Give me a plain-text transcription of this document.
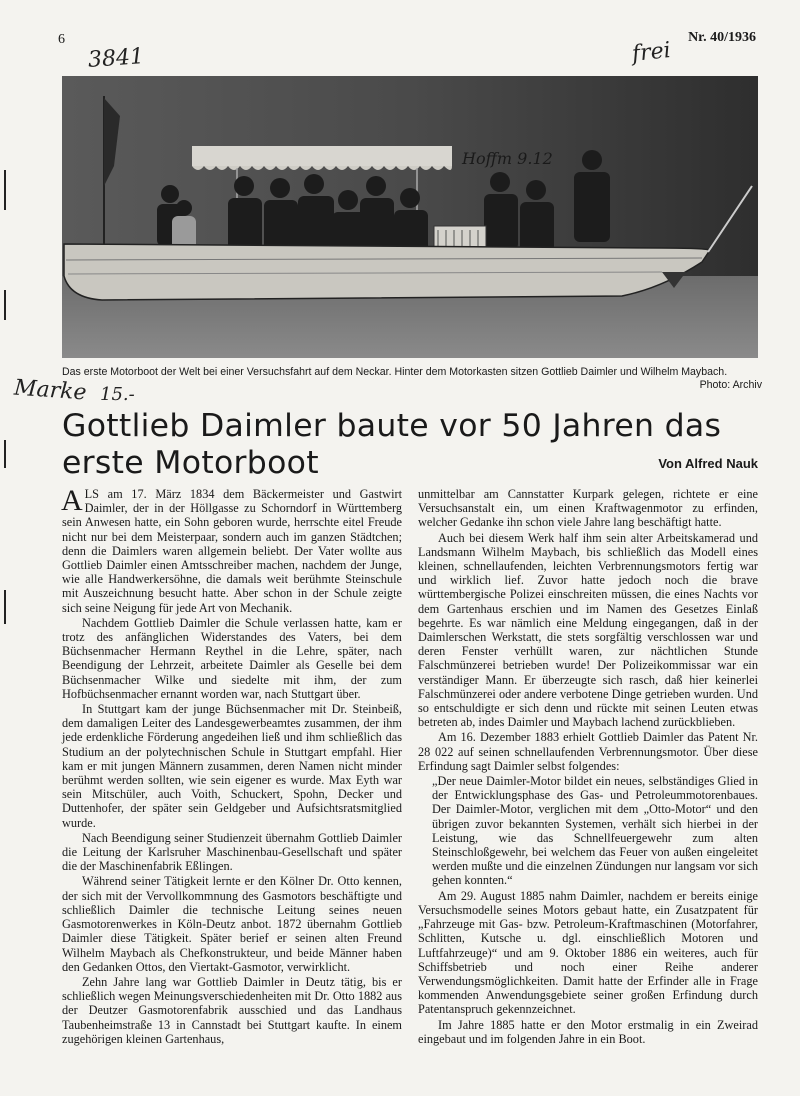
6	Nr. 40/1936
3841	frei
Marke 15.-
Hoffm 9.12
Das erste Motorboot der Welt bei einer Versuchsfahrt auf dem Neckar. Hinter dem Motorkasten sitzen Gottlieb Daimler und Wilhelm Maybach.
Photo: Archiv
Gottlieb Daimler baute vor 50 Jahren das erste Motorboot	Von Alfred Nauk

ALS am 17. März 1834 dem Bäckermeister und Gastwirt Daimler, der in der Höllgasse zu Schorndorf in Württemberg sein Anwesen hatte, ein Sohn geboren wurde, herrschte eitel Freude nicht nur bei dem Meisterpaar, sondern auch im ganzen Städtchen; denn die Daimlers waren allgemein beliebt. Der Vater wollte aus Gottlieb Daimler einen Amtsschreiber machen, nachdem der Junge, wie alle Handwerkersöhne, die damals weit berühmte Steinschule mit Auszeichnung besucht hatte. Aber schon in der Schule zeigte sich seine Neigung für jede Art von Mechanik.

Nachdem Gottlieb Daimler die Schule verlassen hatte, kam er trotz des anfänglichen Widerstandes des Vaters, bei dem Büchsenmacher Hermann Reythel in die Lehre, später, nach Beendigung der Lehrzeit, arbeitete Daimler als Geselle bei dem Büchsenmacher Wilke und siedelte mit ihm, der zum Hofbüchsenmacher ernannt worden war, nach Stuttgart über.

In Stuttgart kam der junge Büchsenmacher mit Dr. Steinbeiß, dem damaligen Leiter des Landesgewerbeamtes zusammen, der ihm jede erdenkliche Förderung angedeihen ließ und ihm schließlich das Studium an der polytechnischen Schule in Stuttgart empfahl. Hier kam er mit jungen Männern zusammen, deren Namen nicht minder berühmt werden sollten, wie sein eigener es wurde. Max Eyth war sein Mitschüler, auch Voith, Schuckert, Spohn, Decker und Duttenhofer, der später sein Geldgeber und Aufsichtsratsmitglied wurde.

Nach Beendigung seiner Studienzeit übernahm Gottlieb Daimler die Leitung der Karlsruher Maschinenbau-Gesellschaft und später die der Maschinenfabrik Eßlingen.

Während seiner Tätigkeit lernte er den Kölner Dr. Otto kennen, der sich mit der Vervollkommnung des Gasmotors beschäftigte und schließlich Daimler die technische Leitung seines neuen Gasmotorenwerkes in Köln-Deutz anbot. 1872 übernahm Gottlieb Daimler diese Tätigkeit. Später berief er seinen alten Freund Wilhelm Maybach als Chefkonstrukteur, und beide Männer haben den Gedanken Ottos, den Viertakt-Gasmotor, verwirklicht.

Zehn Jahre lang war Gottlieb Daimler in Deutz tätig, bis er schließlich wegen Meinungsverschiedenheiten mit Dr. Otto 1882 aus der Deutzer Gasmotorenfabrik ausschied und das Landhaus Taubenheimstraße 13 in Cannstadt bei Stuttgart kaufte. In einem zugehörigen kleinen Gartenhaus,

unmittelbar am Cannstatter Kurpark gelegen, richtete er eine Versuchsanstalt ein, um einen Kraftwagenmotor zu erfinden, welcher Gedanke ihn schon viele Jahre lang beschäftigt hatte.

Auch bei diesem Werk half ihm sein alter Arbeitskamerad und Landsmann Wilhelm Maybach, bis schließlich das Modell eines kleinen, schnellaufenden, leichten Verbrennungsmotors fertig war und wirklich lief. Zuvor hatte jedoch noch die brave württembergische Polizei einschreiten müssen, die eines Nachts vor dem Gartenhaus erschien und im Namen des Gesetzes Einlaß begehrte. Es war nämlich eine Meldung eingegangen, daß in der Daimlerschen Werkstatt, die stets sorgfältig verschlossen war und deren Fenster verhüllt waren, zur nächtlichen Stunde Falschmünzerei betrieben wurde! Der Polizeikommissar war ein verständiger Mann. Er überzeugte sich rasch, daß hier keinerlei Falschmünzerei oder andere verbotene Dinge getrieben wurden. Und so entschuldigte er sich denn und rückte mit seinen Leuten etwas betreten ab, indes Daimler und Maybach lachend zurückblieben.

Am 16. Dezember 1883 erhielt Gottlieb Daimler das Patent Nr. 28 022 auf seinen schnellaufenden Verbrennungsmotor. Über diese Erfindung sagt Daimler selbst folgendes:

„Der neue Daimler-Motor bildet ein neues, selbständiges Glied in der Entwicklungsphase des Gas- und Petroleummotorenbaues. Der Daimler-Motor, verglichen mit dem „Otto-Motor“ und den übrigen zuvor bekannten Systemen, verhält sich hierbei in der Leistung, wie das Schnellfeuergewehr zum alten Steinschloßgewehr, bei welchem das Feuer von außen eingeleitet werden mußte und die einzelnen Zündungen nur langsam vor sich gehen konnten.“

Am 29. August 1885 nahm Daimler, nachdem er bereits einige Versuchsmodelle seines Motors gebaut hatte, ein Zusatzpatent für „Fahrzeuge mit Gas- bzw. Petroleum-Kraftmaschinen (Motorfahrer, Schlitten, Kutsche u. dgl. einschließlich Motoren und Luftfahrzeuge)“ und am 9. Oktober 1886 ein weiteres, auch für Schiffsbetrieb und noch einer Reihe anderer Verwendungsmöglichkeiten. Damit hatte der Erfinder alle in Frage kommenden Anwendungsgebiete seiner großen Erfindung durch Patentanspruch gekennzeichnet.

Im Jahre 1885 hatte er den Motor erstmalig in ein Zweirad eingebaut und im folgenden Jahre in ein Boot.
